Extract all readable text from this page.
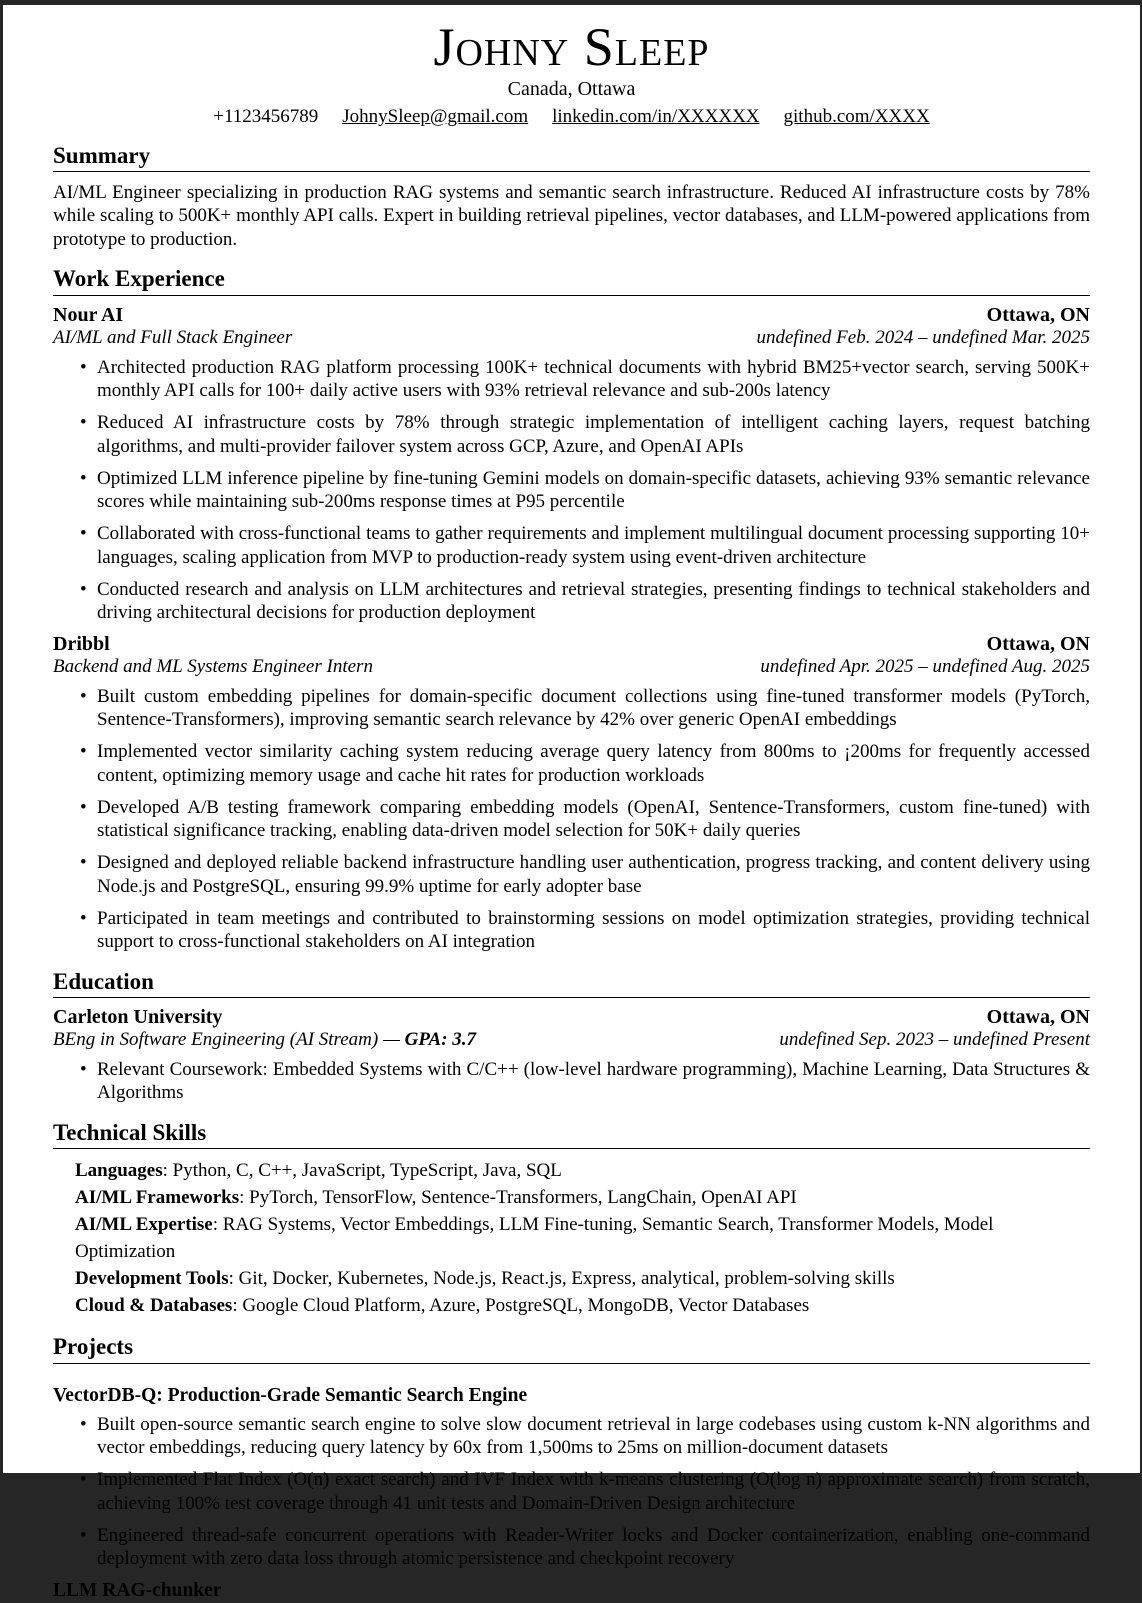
Johny Sleep
Canada, Ottawa
+1123456789 JohnySleep@gmail.com linkedin.com/in/XXXXXX github.com/XXXX
Summary

AI/ML Engineer specializing in production RAG systems and semantic search infrastructure. Reduced AI infrastructure costs by 78% while scaling to 500K+ monthly API calls. Expert in building retrieval pipelines, vector databases, and LLM-powered applications from prototype to production.

Work Experience
Nour AI	Ottawa, ON
AI/ML and Full Stack Engineer	undefined Feb. 2024 – undefined Mar. 2025
• Architected production RAG platform processing 100K+ technical documents with hybrid BM25+vector search, serving 500K+ monthly API calls for 100+ daily active users with 93% retrieval relevance and sub-200s latency
• Reduced AI infrastructure costs by 78% through strategic implementation of intelligent caching layers, request batching algorithms, and multi-provider failover system across GCP, Azure, and OpenAI APIs
• Optimized LLM inference pipeline by fine-tuning Gemini models on domain-specific datasets, achieving 93% semantic relevance scores while maintaining sub-200ms response times at P95 percentile
• Collaborated with cross-functional teams to gather requirements and implement multilingual document processing supporting 10+ languages, scaling application from MVP to production-ready system using event-driven architecture
• Conducted research and analysis on LLM architectures and retrieval strategies, presenting findings to technical stakeholders and driving architectural decisions for production deployment
Dribbl	Ottawa, ON
Backend and ML Systems Engineer Intern	undefined Apr. 2025 – undefined Aug. 2025
• Built custom embedding pipelines for domain-specific document collections using fine-tuned transformer models (PyTorch, Sentence-Transformers), improving semantic search relevance by 42% over generic OpenAI embeddings
• Implemented vector similarity caching system reducing average query latency from 800ms to ¡200ms for frequently accessed content, optimizing memory usage and cache hit rates for production workloads
• Developed A/B testing framework comparing embedding models (OpenAI, Sentence-Transformers, custom fine-tuned) with statistical significance tracking, enabling data-driven model selection for 50K+ daily queries
• Designed and deployed reliable backend infrastructure handling user authentication, progress tracking, and content delivery using Node.js and PostgreSQL, ensuring 99.9% uptime for early adopter base
• Participated in team meetings and contributed to brainstorming sessions on model optimization strategies, providing technical support to cross-functional stakeholders on AI integration
Education
Carleton University	Ottawa, ON
BEng in Software Engineering (AI Stream) — GPA: 3.7	undefined Sep. 2023 – undefined Present
• Relevant Coursework: Embedded Systems with C/C++ (low-level hardware programming), Machine Learning, Data Structures & Algorithms
Technical Skills
Languages: Python, C, C++, JavaScript, TypeScript, Java, SQL
AI/ML Frameworks: PyTorch, TensorFlow, Sentence-Transformers, LangChain, OpenAI API
AI/ML Expertise: RAG Systems, Vector Embeddings, LLM Fine-tuning, Semantic Search, Transformer Models, Model Optimization
Development Tools: Git, Docker, Kubernetes, Node.js, React.js, Express, analytical, problem-solving skills
Cloud & Databases: Google Cloud Platform, Azure, PostgreSQL, MongoDB, Vector Databases
Projects
VectorDB-Q: Production-Grade Semantic Search Engine
• Built open-source semantic search engine to solve slow document retrieval in large codebases using custom k-NN algorithms and vector embeddings, reducing query latency by 60x from 1,500ms to 25ms on million-document datasets
• Implemented Flat Index (O(n) exact search) and IVF Index with k-means clustering (O(log n) approximate search) from scratch, achieving 100% test coverage through 41 unit tests and Domain-Driven Design architecture
• Engineered thread-safe concurrent operations with Reader-Writer locks and Docker containerization, enabling one-command deployment with zero data loss through atomic persistence and checkpoint recovery
LLM RAG-chunker
